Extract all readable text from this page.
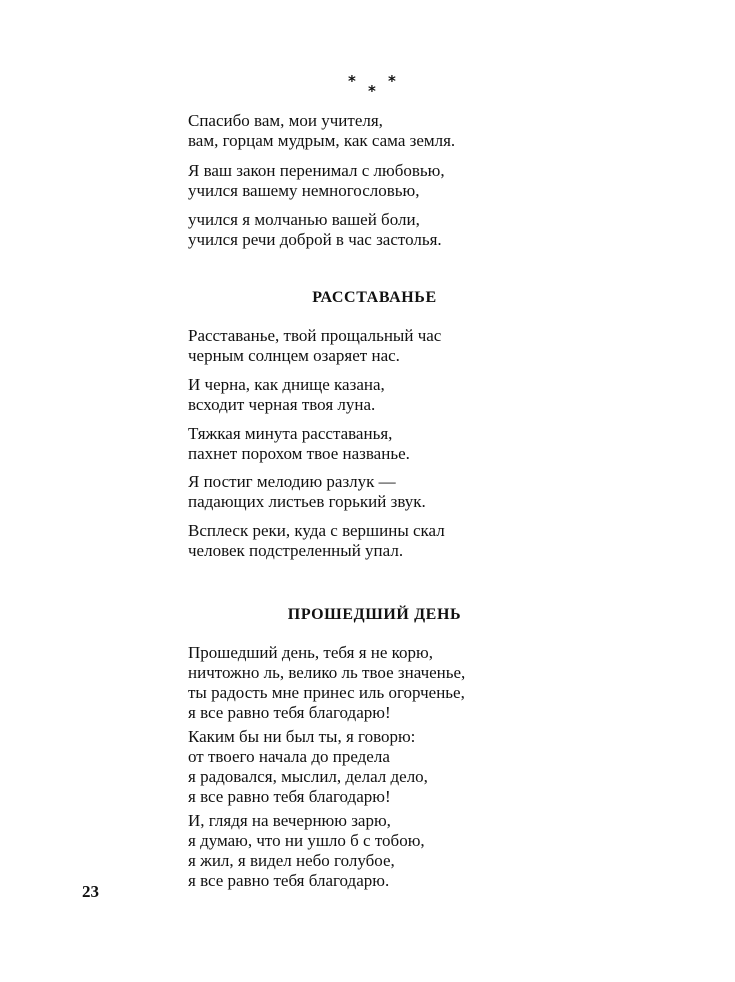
*
*
*
Спасибо вам, мои учителя,
вам, горцам мудрым, как сама земля.
Я ваш закон перенимал с любовью,
учился вашему немногословью,
учился я молчанью вашей боли,
учился речи доброй в час застолья.
РАССТАВАНЬЕ
Расставанье, твой прощальный час
черным солнцем озаряет нас.
И черна, как днище казана,
всходит черная твоя луна.
Тяжкая минута расставанья,
пахнет порохом твое названье.
Я постиг мелодию разлук —
падающих листьев горький звук.
Всплеск реки, куда с вершины скал
человек подстреленный упал.
ПРОШЕДШИЙ ДЕНЬ
Прошедший день, тебя я не корю,
ничтожно ль, велико ль твое значенье,
ты радость мне принес иль огорченье,
я все равно тебя благодарю!
Каким бы ни был ты, я говорю:
от твоего начала до предела
я радовался, мыслил, делал дело,
я все равно тебя благодарю!
И, глядя на вечернюю зарю,
я думаю, что ни ушло б с тобою,
я жил, я видел небо голубое,
я все равно тебя благодарю.
23
